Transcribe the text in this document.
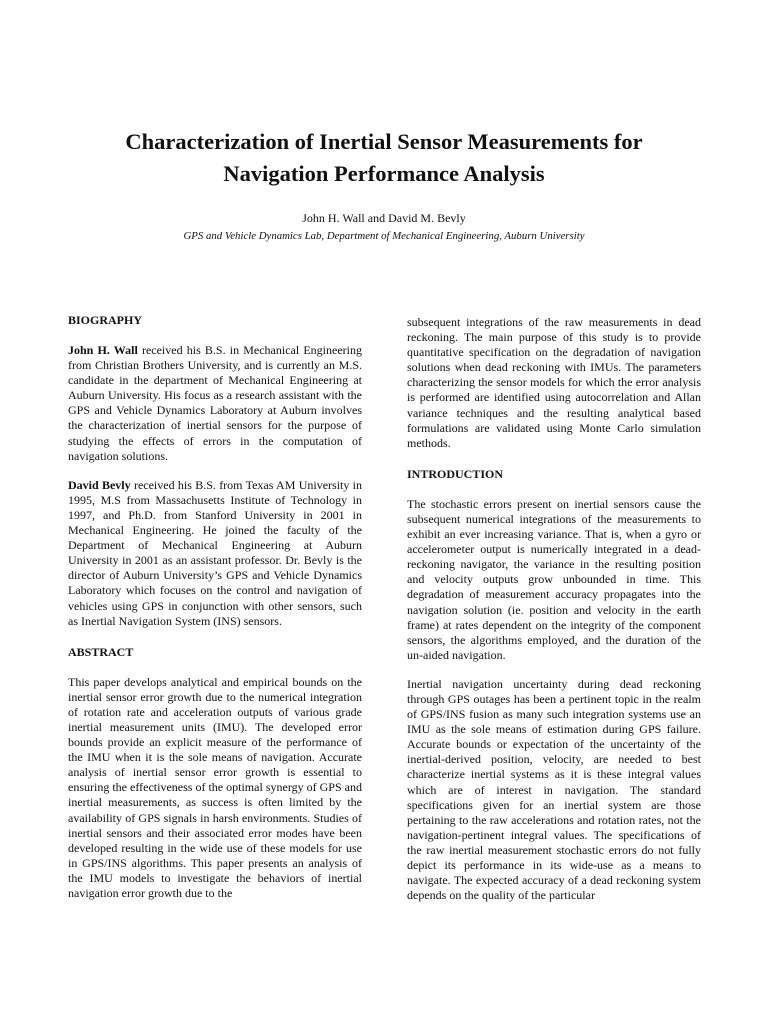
Characterization of Inertial Sensor Measurements for
Navigation Performance Analysis
John H. Wall and David M. Bevly
GPS and Vehicle Dynamics Lab, Department of Mechanical Engineering, Auburn University
BIOGRAPHY

John H. Wall received his B.S. in Mechanical Engineering from Christian Brothers University, and is currently an M.S. candidate in the department of Mechanical Engineering at Auburn University. His focus as a research assistant with the GPS and Vehicle Dynamics Laboratory at Auburn involves the characterization of inertial sensors for the purpose of studying the effects of errors in the computation of navigation solutions.

David Bevly received his B.S. from Texas AM University in 1995, M.S from Massachusetts Institute of Technology in 1997, and Ph.D. from Stanford University in 2001 in Mechanical Engineering. He joined the faculty of the Department of Mechanical Engineering at Auburn University in 2001 as an assistant professor. Dr. Bevly is the director of Auburn University’s GPS and Vehicle Dynamics Laboratory which focuses on the control and navigation of vehicles using GPS in conjunction with other sensors, such as Inertial Navigation System (INS) sensors.

ABSTRACT

This paper develops analytical and empirical bounds on the inertial sensor error growth due to the numerical integration of rotation rate and acceleration outputs of various grade inertial measurement units (IMU). The developed error bounds provide an explicit measure of the performance of the IMU when it is the sole means of navigation. Accurate analysis of inertial sensor error growth is essential to ensuring the effectiveness of the optimal synergy of GPS and inertial measurements, as success is often limited by the availability of GPS signals in harsh environments. Studies of inertial sensors and their associated error modes have been developed resulting in the wide use of these models for use in GPS/INS algorithms. This paper presents an analysis of the IMU models to investigate the behaviors of inertial navigation error growth due to the

subsequent integrations of the raw measurements in dead reckoning. The main purpose of this study is to provide quantitative specification on the degradation of navigation solutions when dead reckoning with IMUs. The parameters characterizing the sensor models for which the error analysis is performed are identified using autocorrelation and Allan variance techniques and the resulting analytical based formulations are validated using Monte Carlo simulation methods.

INTRODUCTION

The stochastic errors present on inertial sensors cause the subsequent numerical integrations of the measurements to exhibit an ever increasing variance. That is, when a gyro or accelerometer output is numerically integrated in a dead-reckoning navigator, the variance in the resulting position and velocity outputs grow unbounded in time. This degradation of measurement accuracy propagates into the navigation solution (ie. position and velocity in the earth frame) at rates dependent on the integrity of the component sensors, the algorithms employed, and the duration of the un-aided navigation.

Inertial navigation uncertainty during dead reckoning through GPS outages has been a pertinent topic in the realm of GPS/INS fusion as many such integration systems use an IMU as the sole means of estimation during GPS failure. Accurate bounds or expectation of the uncertainty of the inertial-derived position, velocity, are needed to best characterize inertial systems as it is these integral values which are of interest in navigation. The standard specifications given for an inertial system are those pertaining to the raw accelerations and rotation rates, not the navigation-pertinent integral values. The specifications of the raw inertial measurement stochastic errors do not fully depict its performance in its wide-use as a means to navigate. The expected accuracy of a dead reckoning system depends on the quality of the particular
